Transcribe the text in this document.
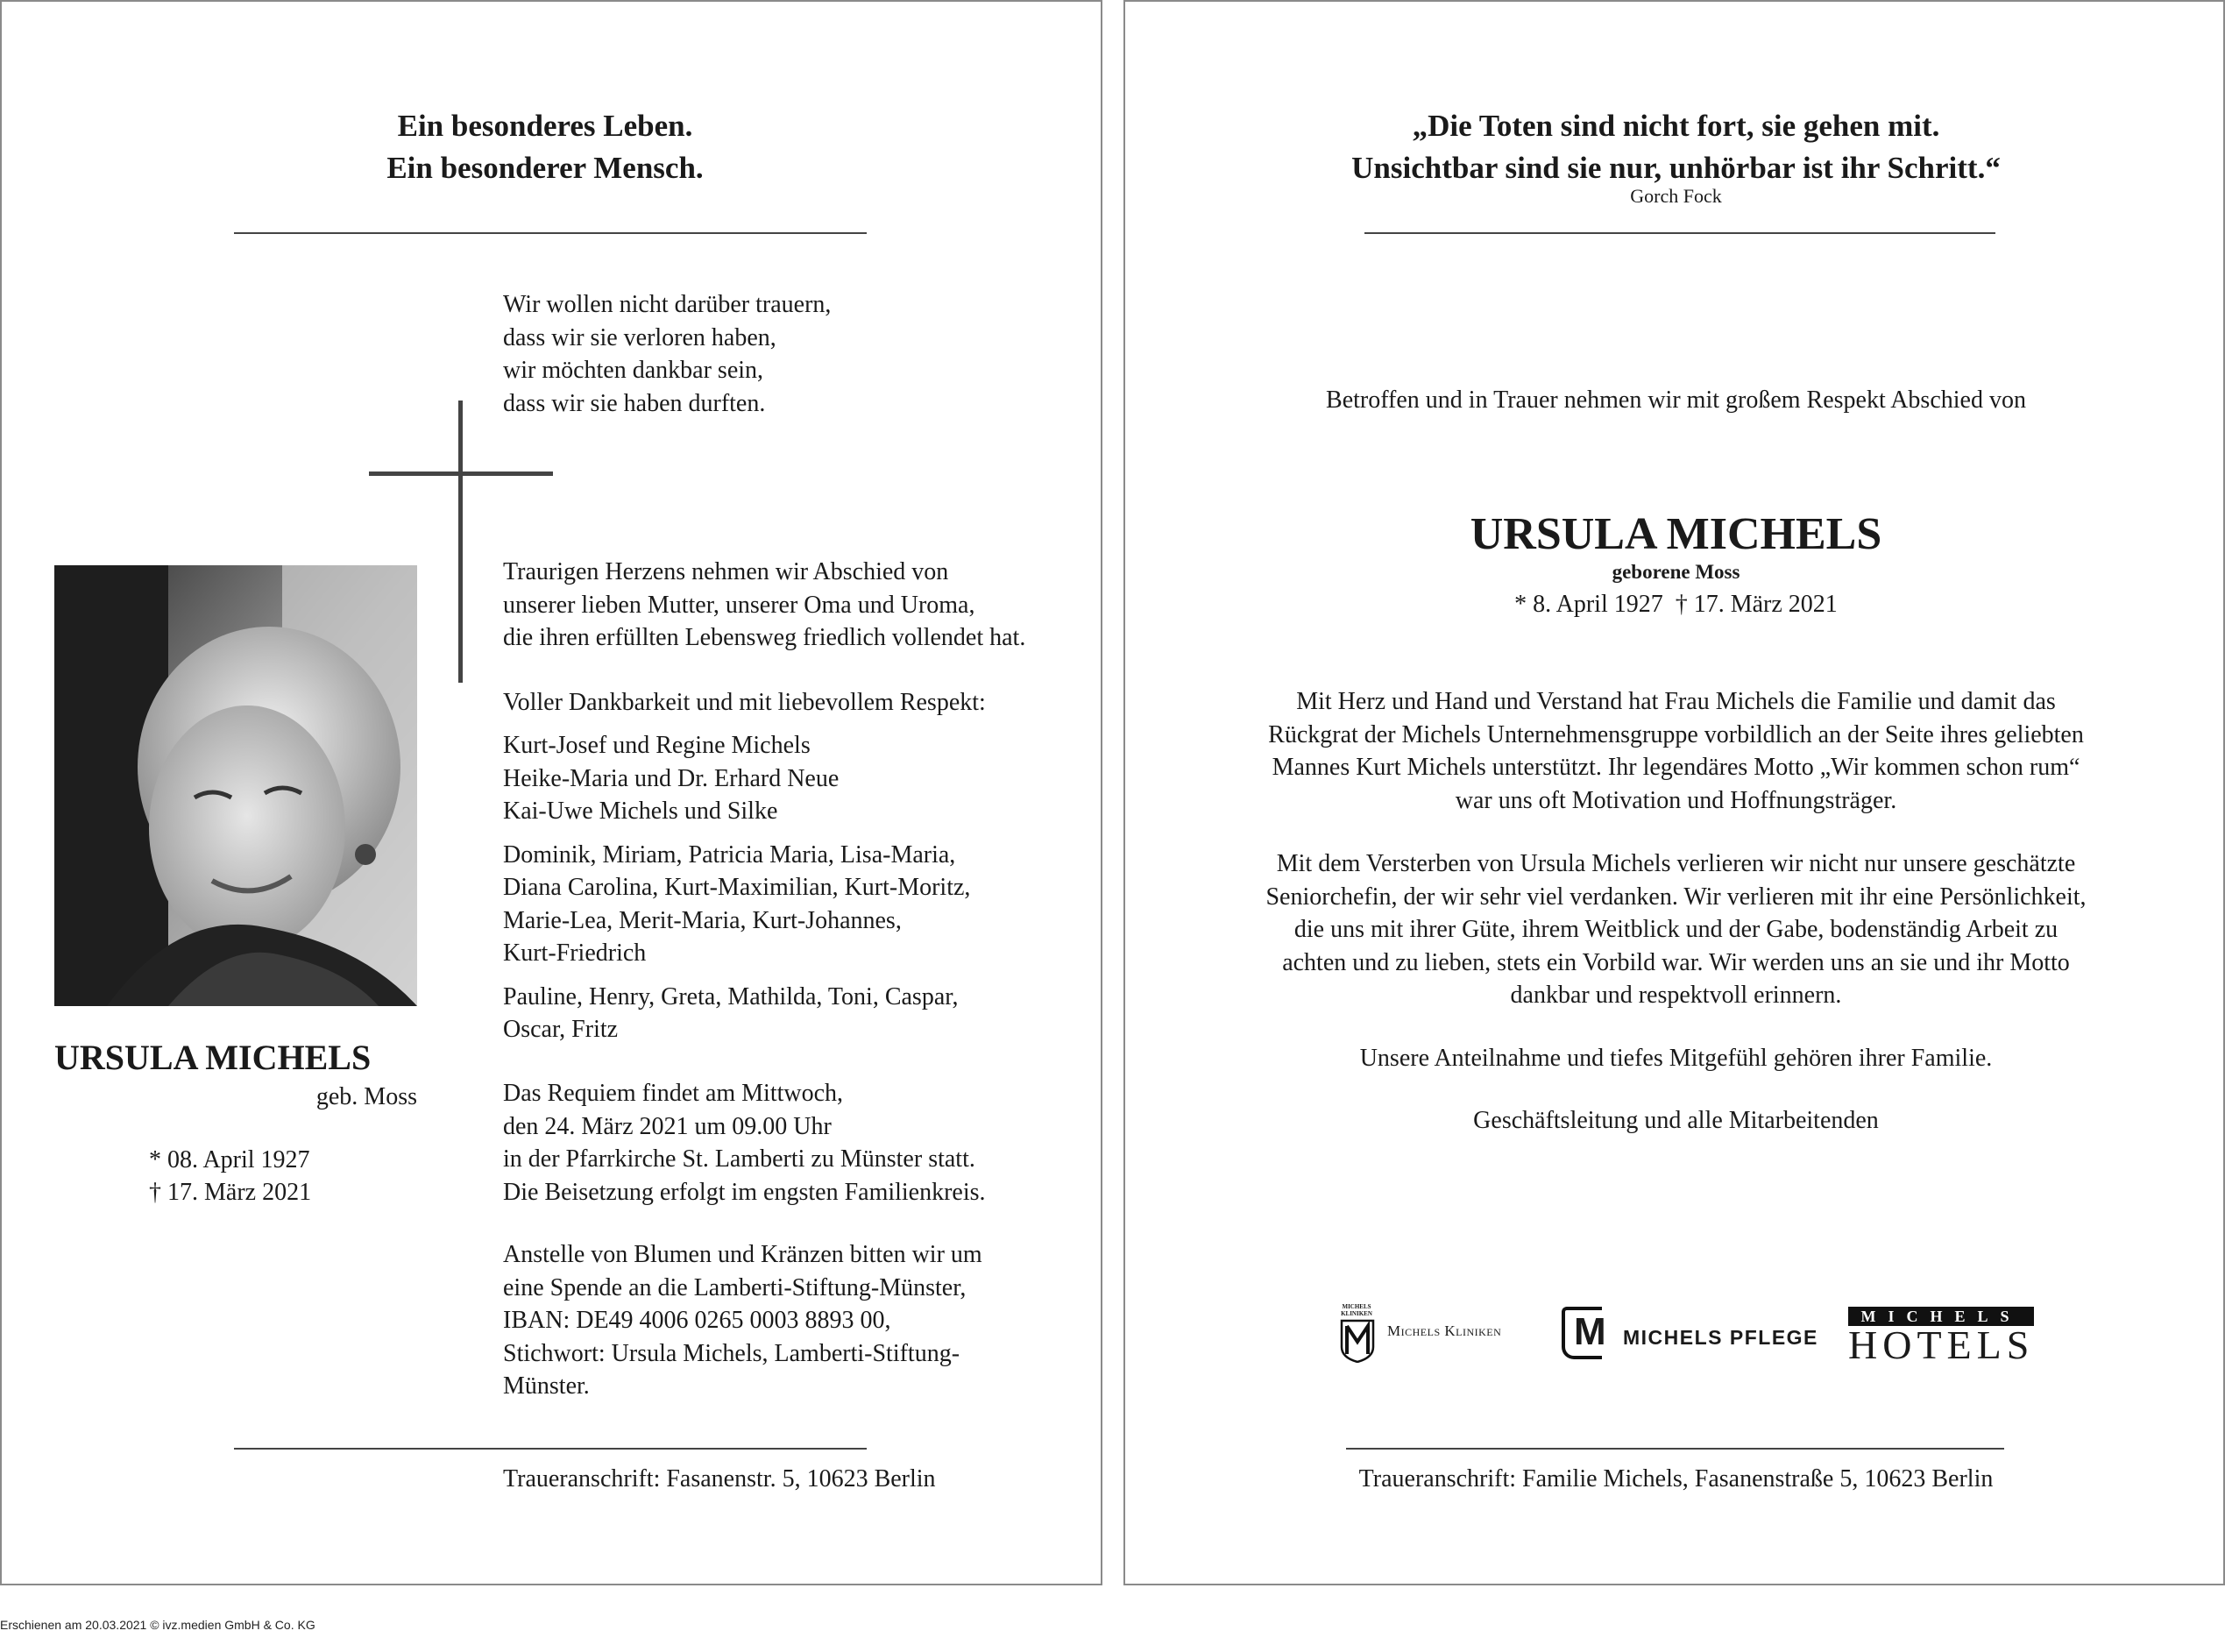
Ein besonderes Leben.

Ein besonderer Mensch.

Wir wollen nicht darüber trauern,

dass wir sie verloren haben,

wir möchten dankbar sein,

dass wir sie haben durften.

Traurigen Herzens nehmen wir Abschied von

unserer lieben Mutter, unserer Oma und Uroma,

die ihren erfüllten Lebensweg friedlich vollendet hat.

Voller Dankbarkeit und mit liebevollem Respekt:

Kurt-Josef und Regine Michels
Heike-Maria und Dr. Erhard Neue
Kai-Uwe Michels und Silke

Dominik, Miriam, Patricia Maria, Lisa-Maria,
Diana Carolina, Kurt-Maximilian, Kurt-Moritz,
Marie-Lea, Merit-Maria, Kurt-Johannes,
Kurt-Friedrich

Pauline, Henry, Greta, Mathilda, Toni, Caspar,
Oscar, Fritz

Das Requiem findet am Mittwoch,

den 24. März 2021 um 09.00 Uhr

in der Pfarrkirche St. Lamberti zu Münster statt.

Die Beisetzung erfolgt im engsten Familienkreis.

Anstelle von Blumen und Kränzen bitten wir um

eine Spende an die Lamberti-Stiftung-Münster,

IBAN: DE49 4006 0265 0003 8893 00,

Stichwort: Ursula Michels, Lamberti-Stiftung-

Münster.

Traueranschrift: Fasanenstr. 5, 10623 Berlin
URSULA MICHELS
geb. Moss
* 08. April 1927
† 17. März 2021

„Die Toten sind nicht fort, sie gehen mit.

Unsichtbar sind sie nur, unhörbar ist ihr Schritt.“

Gorch Fock
Betroffen und in Trauer nehmen wir mit großem Respekt Abschied von
URSULA MICHELS
geborene Moss
* 8. April 1927  † 17. März 2021

Mit Herz und Hand und Verstand hat Frau Michels die Familie und damit das

Rückgrat der Michels Unternehmensgruppe vorbildlich an der Seite ihres geliebten

Mannes Kurt Michels unterstützt. Ihr legendäres Motto „Wir kommen schon rum“

war uns oft Motivation und Hoffnungsträger.

Mit dem Versterben von Ursula Michels verlieren wir nicht nur unsere geschätzte

Seniorchefin, der wir sehr viel verdanken. Wir verlieren mit ihr eine Persönlichkeit,

die uns mit ihrer Güte, ihrem Weitblick und der Gabe, bodenständig Arbeit zu

achten und zu lieben, stets ein Vorbild war. Wir werden uns an sie und ihr Motto

dankbar und respektvoll erinnern.

Unsere Anteilnahme und tiefes Mitgefühl gehören ihrer Familie.
Geschäftsleitung und alle Mitarbeitenden
MICHELS KLINIKEN
Michels Kliniken M MICHELS PFLEGE
MICHELS
HOTELS
Traueranschrift: Familie Michels, Fasanenstraße 5, 10623 Berlin
Erschienen am 20.03.2021 © ivz.medien GmbH & Co. KG
